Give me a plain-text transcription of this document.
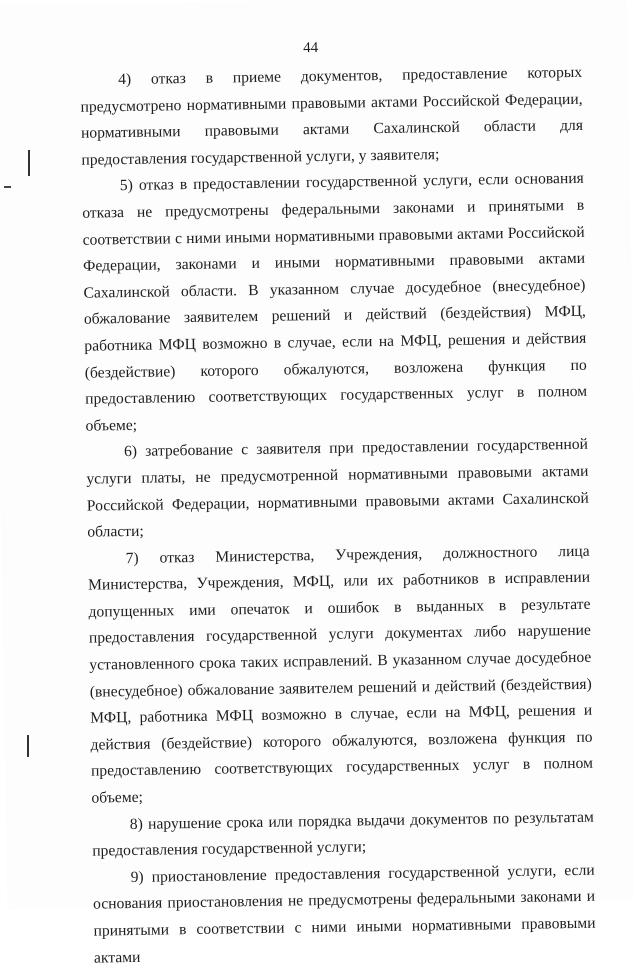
44

4) отказ в приеме документов, предоставление которых предусмотрено нормативными правовыми актами Российской Федерации, нормативными правовыми актами Сахалинской области для предоставления государственной услуги, у заявителя;

5) отказ в предоставлении государственной услуги, если основания отказа не предусмотрены федеральными законами и принятыми в соответствии с ними иными нормативными правовыми актами Российской Федерации, законами и иными нормативными правовыми актами Сахалинской области. В указанном случае досудебное (внесудебное) обжалование заявителем решений и действий (бездействия) МФЦ, работника МФЦ возможно в случае, если на МФЦ, решения и действия (бездействие) которого обжалуются, возложена функция по предоставлению соответствующих государственных услуг в полном объеме;

6) затребование с заявителя при предоставлении государственной услуги платы, не предусмотренной нормативными правовыми актами Российской Федерации, нормативными правовыми актами Сахалинской области;

7) отказ Министерства, Учреждения, должностного лица Министерства, Учреждения, МФЦ, или их работников в исправлении допущенных ими опечаток и ошибок в выданных в результате предоставления государственной услуги документах либо нарушение установленного срока таких исправлений. В указанном случае досудебное (внесудебное) обжалование заявителем решений и действий (бездействия) МФЦ, работника МФЦ возможно в случае, если на МФЦ, решения и действия (бездействие) которого обжалуются, возложена функция по предоставлению соответствующих государственных услуг в полном объеме;

8) нарушение срока или порядка выдачи документов по результатам предоставления государственной услуги;

9) приостановление предоставления государственной услуги, если основания приостановления не предусмотрены федеральными законами и принятыми в соответствии с ними иными нормативными правовыми актами
